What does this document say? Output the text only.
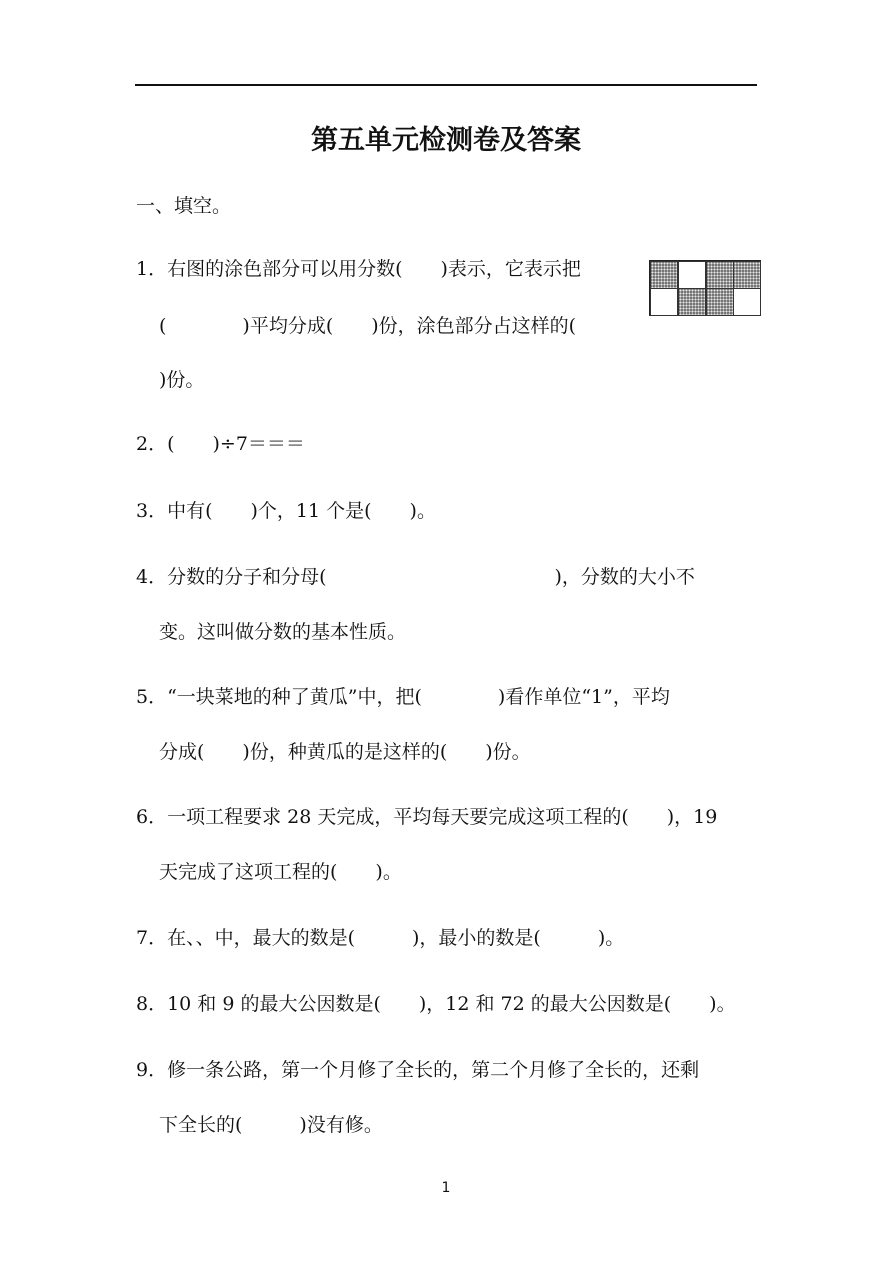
第五单元检测卷及答案
一、填空。
1．右图的涂色部分可以用分数(　　)表示，它表示把
(　　　　)平均分成(　　)份，涂色部分占这样的(
)份。
2．(　　)÷7＝＝＝
3．中有(　　)个，11 个是(　　)。
4．分数的分子和分母(　　　　　　　　　　　　)，分数的大小不
变。这叫做分数的基本性质。
5．“一块菜地的种了黄瓜”中，把(　　　　)看作单位“1”，平均
分成(　　)份，种黄瓜的是这样的(　　)份。
6．一项工程要求 28 天完成，平均每天要完成这项工程的(　　)，19
天完成了这项工程的(　　)。
7．在、、中，最大的数是(　　　)，最小的数是(　　　)。
8．10 和 9 的最大公因数是(　　)，12 和 72 的最大公因数是(　　)。
9．修一条公路，第一个月修了全长的，第二个月修了全长的，还剩
下全长的(　　　)没有修。
1
